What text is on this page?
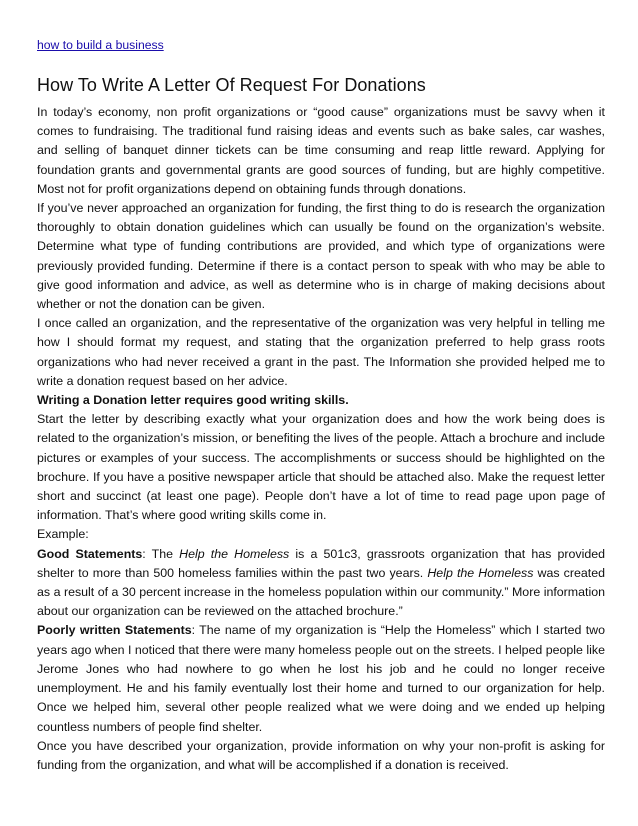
how to build a business
How To Write A Letter Of Request For Donations

In today’s economy, non profit organizations or “good cause” organizations must be savvy when it comes to fundraising. The traditional fund raising ideas and events such as bake sales, car washes, and selling of banquet dinner tickets can be time consuming and reap little reward. Applying for foundation grants and governmental grants are good sources of funding, but are highly competitive. Most not for profit organizations depend on obtaining funds through donations.

If you’ve never approached an organization for funding, the first thing to do is research the organization thoroughly to obtain donation guidelines which can usually be found on the organization’s website. Determine what type of funding contributions are provided, and which type of organizations were previously provided funding. Determine if there is a contact person to speak with who may be able to give good information and advice, as well as determine who is in charge of making decisions about whether or not the donation can be given.

I once called an organization, and the representative of the organization was very helpful in telling me how I should format my request, and stating that the organization preferred to help grass roots organizations who had never received a grant in the past. The Information she provided helped me to write a donation request based on her advice.

Writing a Donation letter requires good writing skills.

Start the letter by describing exactly what your organization does and how the work being does is related to the organization’s mission, or benefiting the lives of the people. Attach a brochure and include pictures or examples of your success. The accomplishments or success should be highlighted on the brochure. If you have a positive newspaper article that should be attached also. Make the request letter short and succinct (at least one page). People don’t have a lot of time to read page upon page of information. That’s where good writing skills come in.

Example:

Good Statements: The Help the Homeless is a 501c3, grassroots organization that has provided shelter to more than 500 homeless families within the past two years. Help the Homeless was created as a result of a 30 percent increase in the homeless population within our community.” More information about our organization can be reviewed on the attached brochure.”

Poorly written Statements: The name of my organization is “Help the Homeless” which I started two years ago when I noticed that there were many homeless people out on the streets. I helped people like Jerome Jones who had nowhere to go when he lost his job and he could no longer receive unemployment. He and his family eventually lost their home and turned to our organization for help. Once we helped him, several other people realized what we were doing and we ended up helping countless numbers of people find shelter.

Once you have described your organization, provide information on why your non-profit is asking for funding from the organization, and what will be accomplished if a donation is received.
